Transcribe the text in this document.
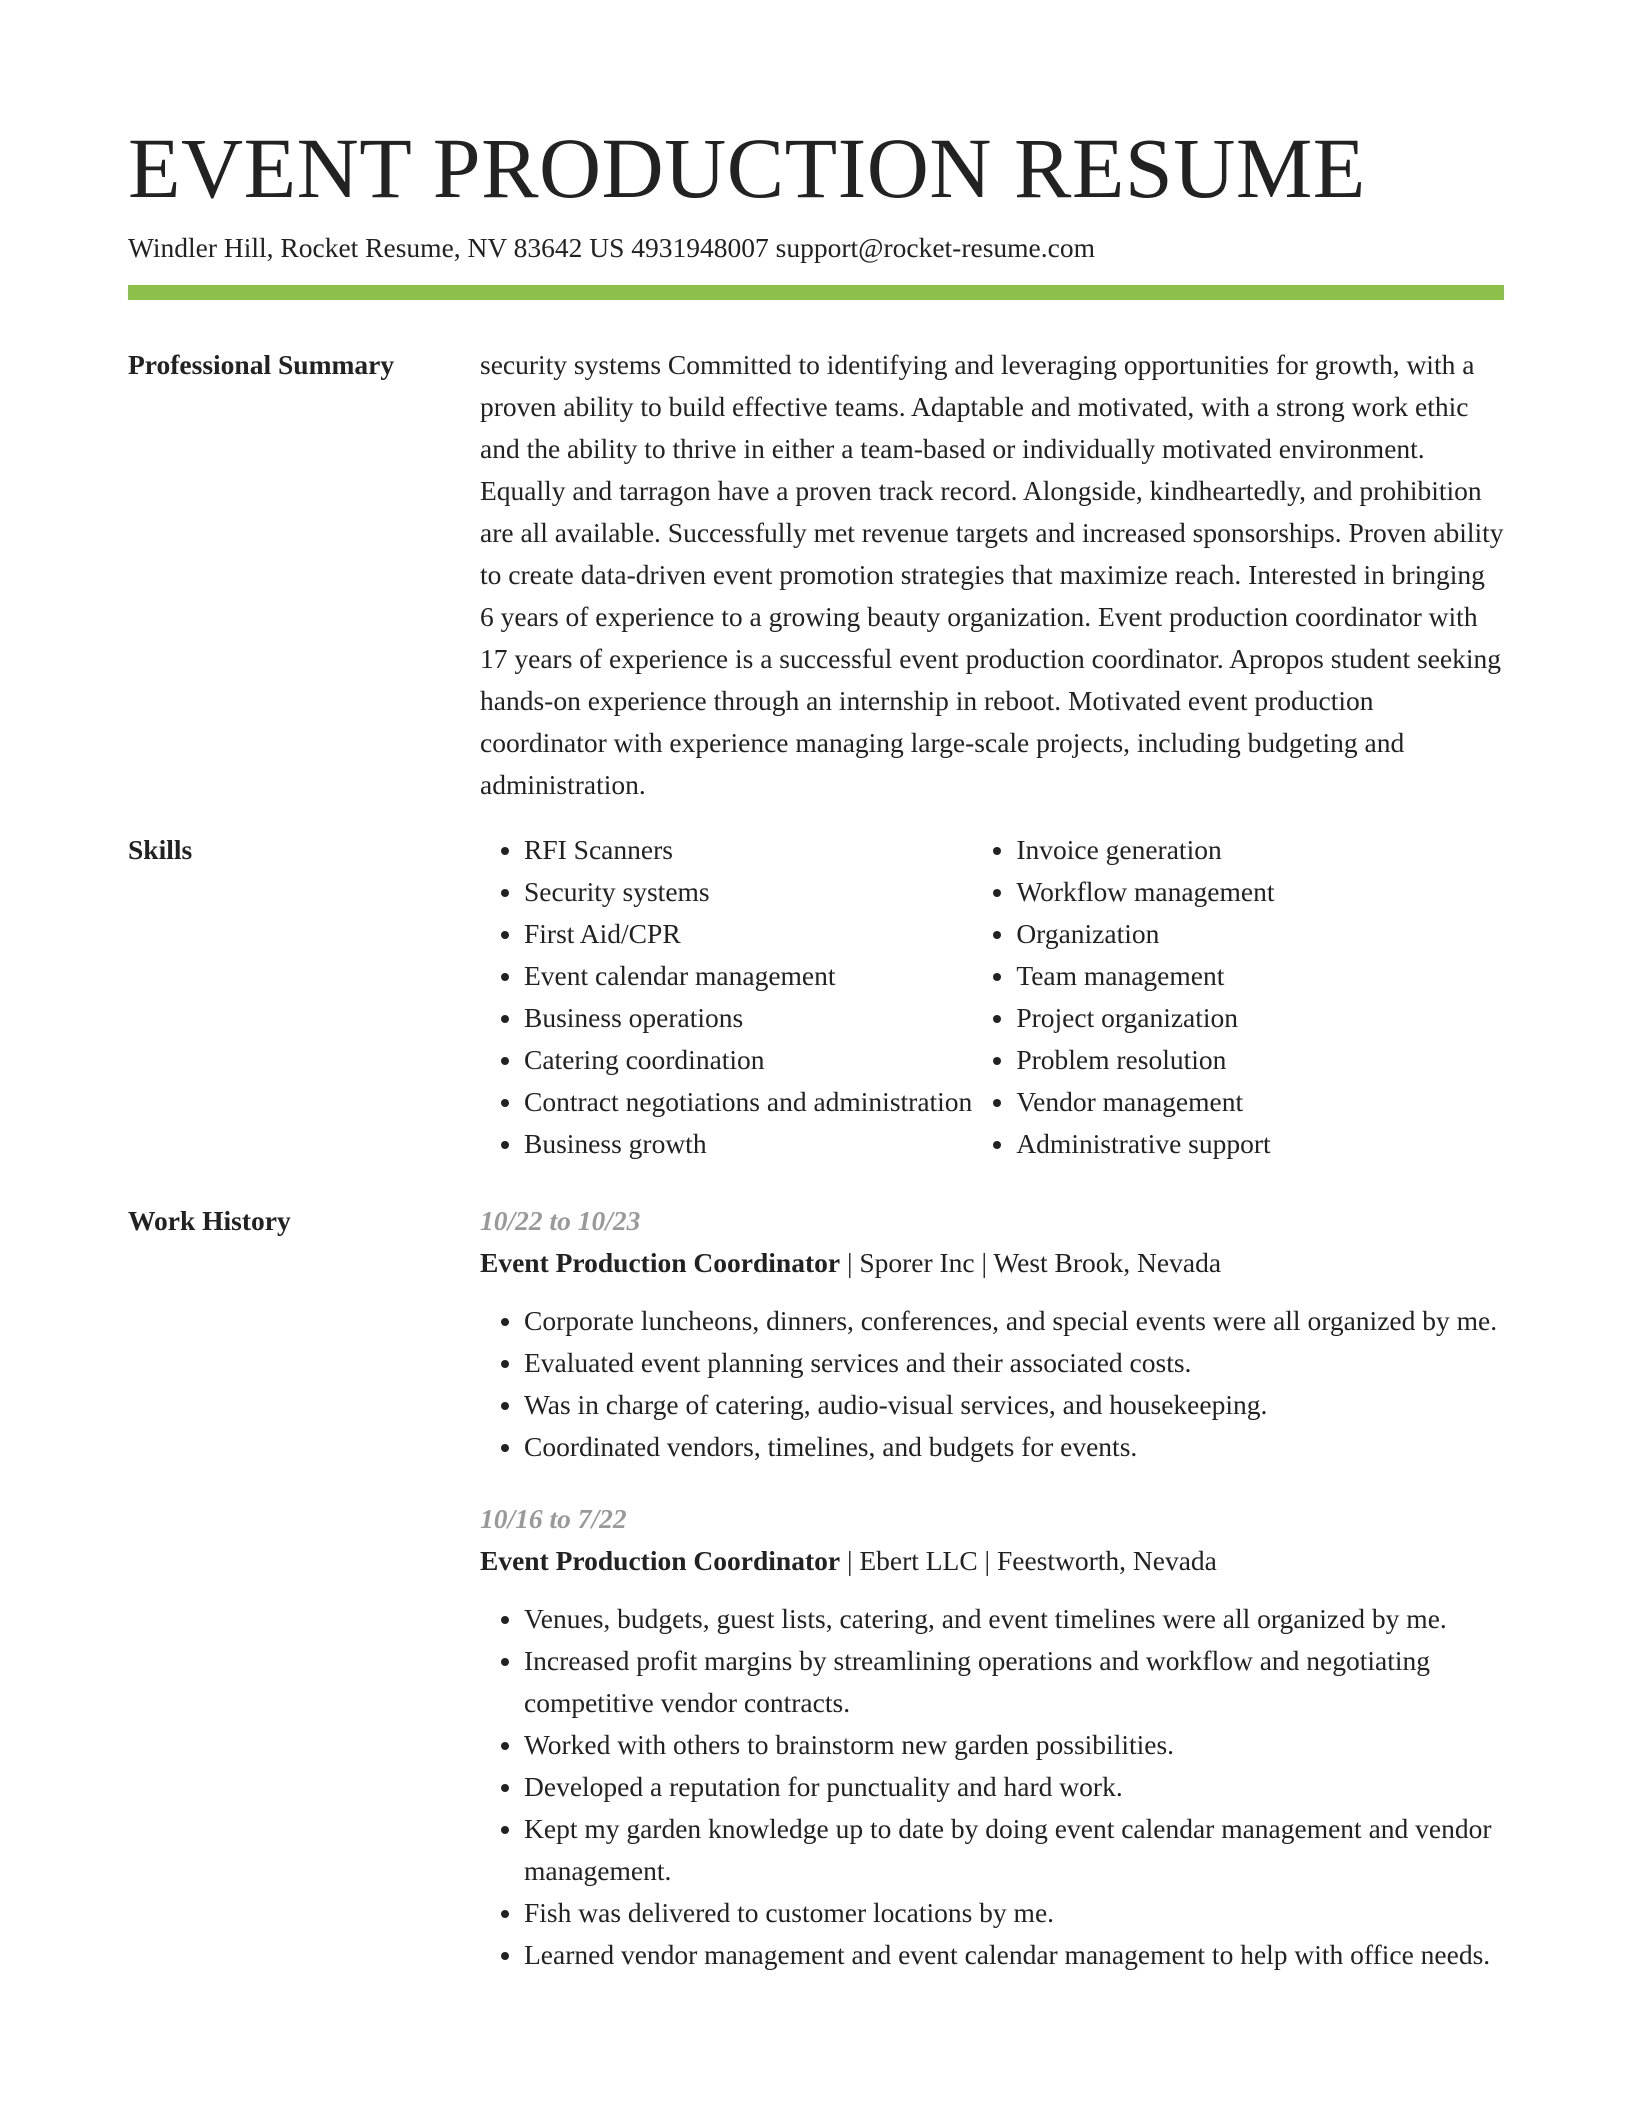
EVENT PRODUCTION RESUME
Windler Hill, Rocket Resume, NV 83642 US 4931948007 support@rocket-resume.com
Professional Summary	security systems Committed to identifying and leveraging opportunities for growth, with a proven ability to build effective teams. Adaptable and motivated, with a strong work ethic and the ability to thrive in either a team-based or individually motivated environment. Equally and tarragon have a proven track record. Alongside, kindheartedly, and prohibition are all available. Successfully met revenue targets and increased sponsorships. Proven ability to create data-driven event promotion strategies that maximize reach. Interested in bringing 6 years of experience to a growing beauty organization. Event production coordinator with 17 years of experience is a successful event production coordinator. Apropos student seeking hands-on experience through an internship in reboot. Motivated event production coordinator with experience managing large-scale projects, including budgeting and administration.

Skills
•	RFI Scanners
• Security systems
• First Aid/CPR
• Event calendar management
• Business operations
• Catering coordination
• Contract negotiations and administration
• Business growth
• Invoice generation
• Workflow management
• Organization
• Team management
• Project organization
• Problem resolution
• Vendor management
• Administrative support
Work History	10/22 to 10/23
Event Production Coordinator | Sporer Inc | West Brook, Nevada
• Corporate luncheons, dinners, conferences, and special events were all organized by me.
• Evaluated event planning services and their associated costs.
• Was in charge of catering, audio-visual services, and housekeeping.
• Coordinated vendors, timelines, and budgets for events.
10/16 to 7/22
Event Production Coordinator | Ebert LLC | Feestworth, Nevada
• Venues, budgets, guest lists, catering, and event timelines were all organized by me.
• Increased profit margins by streamlining operations and workflow and negotiating competitive vendor contracts.
• Worked with others to brainstorm new garden possibilities.
• Developed a reputation for punctuality and hard work.
• Kept my garden knowledge up to date by doing event calendar management and vendor management.
• Fish was delivered to customer locations by me.
• Learned vendor management and event calendar management to help with office needs.
